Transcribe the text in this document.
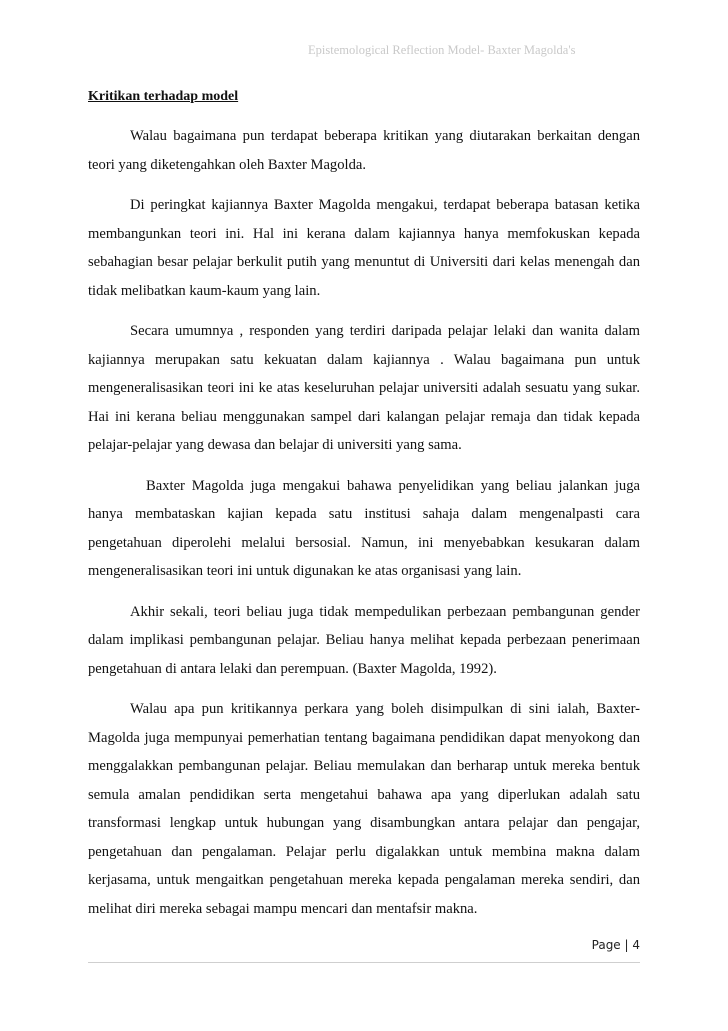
Epistemological Reflection Model- Baxter Magolda's
Kritikan terhadap model

Walau bagaimana pun terdapat beberapa kritikan yang diutarakan berkaitan dengan teori yang diketengahkan oleh Baxter Magolda.

Di peringkat kajiannya Baxter Magolda mengakui, terdapat beberapa batasan ketika membangunkan teori ini. Hal ini kerana dalam kajiannya hanya memfokuskan kepada sebahagian besar pelajar berkulit putih yang menuntut di Universiti dari kelas menengah dan tidak melibatkan kaum-kaum yang lain.

Secara umumnya , responden yang terdiri daripada pelajar lelaki dan wanita dalam kajiannya merupakan satu kekuatan dalam kajiannya . Walau bagaimana pun untuk mengeneralisasikan teori ini ke atas keseluruhan pelajar universiti adalah sesuatu yang sukar. Hai ini kerana beliau menggunakan sampel dari kalangan pelajar remaja dan tidak kepada pelajar-pelajar yang dewasa dan belajar di universiti yang sama.

Baxter Magolda juga mengakui bahawa penyelidikan yang beliau jalankan juga hanya membataskan kajian kepada satu institusi sahaja dalam mengenalpasti cara pengetahuan diperolehi melalui bersosial. Namun, ini menyebabkan kesukaran dalam mengeneralisasikan teori ini untuk digunakan ke atas organisasi yang lain.

Akhir sekali, teori beliau juga tidak mempedulikan perbezaan pembangunan gender dalam implikasi pembangunan pelajar. Beliau hanya melihat kepada perbezaan penerimaan pengetahuan di antara lelaki dan perempuan. (Baxter Magolda, 1992).

Walau apa pun kritikannya perkara yang boleh disimpulkan di sini ialah, Baxter-Magolda juga mempunyai pemerhatian tentang bagaimana pendidikan dapat menyokong dan menggalakkan pembangunan pelajar. Beliau memulakan dan berharap untuk mereka bentuk semula amalan pendidikan serta mengetahui bahawa apa yang diperlukan adalah satu transformasi lengkap untuk hubungan yang disambungkan antara pelajar dan pengajar, pengetahuan dan pengalaman. Pelajar perlu digalakkan untuk membina makna dalam kerjasama, untuk mengaitkan pengetahuan mereka kepada pengalaman mereka sendiri, dan melihat diri mereka sebagai mampu mencari dan mentafsir makna.

Page | 4
